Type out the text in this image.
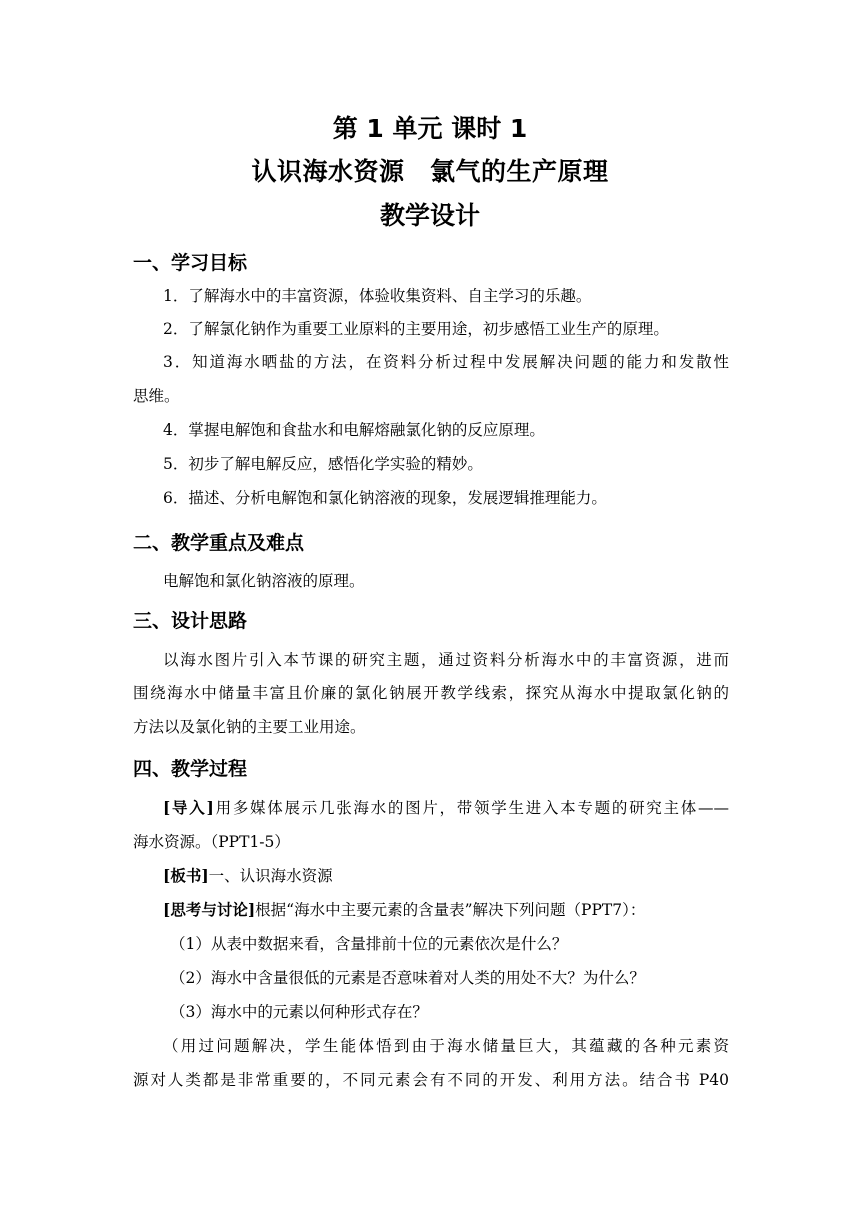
第 1 单元 课时 1
认识海水资源　氯气的生产原理
教学设计
一、学习目标
1．了解海水中的丰富资源，体验收集资料、自主学习的乐趣。
2．了解氯化钠作为重要工业原料的主要用途，初步感悟工业生产的原理。
3．知道海水晒盐的方法，在资料分析过程中发展解决问题的能力和发散性
思维。
4．掌握电解饱和食盐水和电解熔融氯化钠的反应原理。
5．初步了解电解反应，感悟化学实验的精妙。
6．描述、分析电解饱和氯化钠溶液的现象，发展逻辑推理能力。
二、教学重点及难点
电解饱和氯化钠溶液的原理。
三、设计思路
以海水图片引入本节课的研究主题，通过资料分析海水中的丰富资源，进而
围绕海水中储量丰富且价廉的氯化钠展开教学线索，探究从海水中提取氯化钠的
方法以及氯化钠的主要工业用途。
四、教学过程
[导入]用多媒体展示几张海水的图片，带领学生进入本专题的研究主体——
海水资源。（PPT1-5）
[板书]一、认识海水资源
[思考与讨论]根据“海水中主要元素的含量表”解决下列问题（PPT7）：
（1）从表中数据来看，含量排前十位的元素依次是什么？
（2）海水中含量很低的元素是否意味着对人类的用处不大？为什么？
（3）海水中的元素以何种形式存在？
（用过问题解决，学生能体悟到由于海水储量巨大，其蕴藏的各种元素资
源对人类都是非常重要的，不同元素会有不同的开发、利用方法。结合书 P40
